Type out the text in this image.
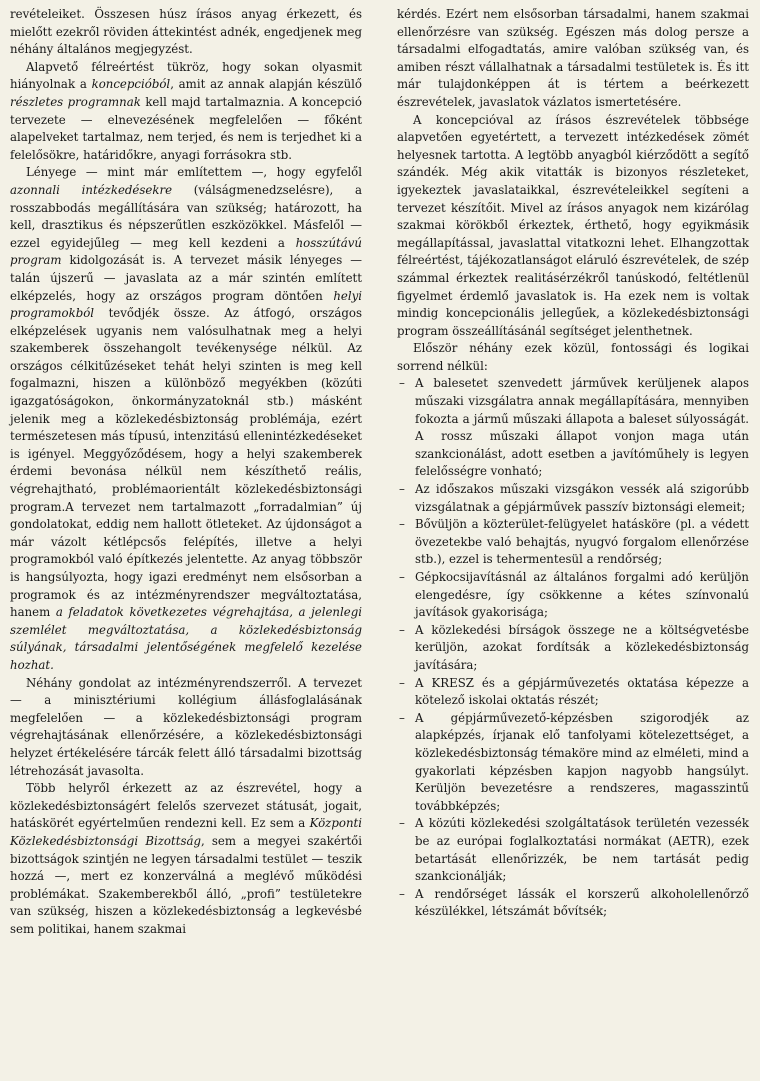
revételeiket. Összesen húsz írásos anyag érkezett, és mielőtt ezekről röviden áttekintést adnék, engedjenek meg néhány általános megjegyzést.

Alapvető félreértést tükröz, hogy sokan olyasmit hiányolnak a koncepcióból, amit az annak alapján készülő részletes programnak kell majd tartalmaznia. A koncepció tervezete — elnevezésének megfelelően — főként alapelveket tartalmaz, nem terjed, és nem is terjedhet ki a felelősökre, határidőkre, anyagi forrásokra stb.

Lényege — mint már említettem —, hogy egyfelől azonnali intézkedésekre (válságmenedzselésre), a rosszabbodás megállítására van szükség; határozott, ha kell, drasztikus és népszerűtlen eszközökkel. Másfelől — ezzel egyidejűleg — meg kell kezdeni a hosszútávú program kidolgozását is. A tervezet másik lényeges — talán újszerű — javaslata az a már szintén említett elképzelés, hogy az országos program döntően helyi programokból tevődjék össze. Az átfogó, országos elképzelések ugyanis nem valósulhatnak meg a helyi szakemberek összehangolt tevékenysége nélkül. Az országos célkitűzéseket tehát helyi szinten is meg kell fogalmazni, hiszen a különböző megyékben (közúti igazgatóságokon, önkormányzatoknál stb.) másként jelenik meg a közlekedésbiztonság problémája, ezért természetesen más típusú, intenzitású ellenintézkedéseket is igényel. Meggyőződésem, hogy a helyi szakemberek érdemi bevonása nélkül nem készíthető reális, végrehajtható, problémaorientált közlekedésbiztonsági program.A tervezet nem tartalmazott „forradalmian” új gondolatokat, eddig nem hallott ötleteket. Az újdonságot a már vázolt kétlépcsős felépítés, illetve a helyi programokból való építkezés jelentette. Az anyag többször is hangsúlyozta, hogy igazi eredményt nem elsősorban a programok és az intézményrendszer megváltoztatása, hanem a feladatok következetes végrehajtása, a jelenlegi szemlélet megváltoztatása, a közlekedésbiztonság súlyának, társadalmi jelentőségének megfelelő kezelése hozhat.

Néhány gondolat az intézményrendszerről. A tervezet — a minisztériumi kollégium állásfoglalásának megfelelően — a közlekedésbiztonsági program végrehajtásának ellenőrzésére, a közlekedésbiztonsági helyzet értékelésére tárcák felett álló társadalmi bizottság létrehozását javasolta.

Több helyről érkezett az az észrevétel, hogy a közlekedésbiztonságért felelős szervezet státusát, jogait, hatáskörét egyértelműen rendezni kell. Ez sem a Központi Közlekedésbiztonsági Bizottság, sem a megyei szakértői bizottságok szintjén ne legyen társadalmi testület — teszik hozzá —, mert ez konzerválná a meglévő működési problémákat. Szakemberekből álló, „profi” testületekre van szükség, hiszen a közlekedésbiztonság a legkevésbé sem politikai, hanem szakmai

kérdés. Ezért nem elsősorban társadalmi, hanem szakmai ellenőrzésre van szükség. Egészen más dolog persze a társadalmi elfogadtatás, amire valóban szükség van, és amiben részt vállalhatnak a társadalmi testületek is. És itt már tulajdonképpen át is tértem a beérkezett észrevételek, javaslatok vázlatos ismertetésére.

A koncepcióval az írásos észrevételek többsége alapvetően egyetértett, a tervezett intézkedések zömét helyesnek tartotta. A legtöbb anyagból kiérződött a segítő szándék. Még akik vitatták is bizonyos részleteket, igyekeztek javaslataikkal, észrevételeikkel segíteni a tervezet készítőit. Mivel az írásos anyagok nem kizárólag szakmai körökből érkeztek, érthető, hogy egyikmásik megállapítással, javaslattal vitatkozni lehet. Elhangzottak félreértést, tájékozatlanságot eláruló észrevételek, de szép számmal érkeztek realitásérzékről tanúskodó, feltétlenül figyelmet érdemlő javaslatok is. Ha ezek nem is voltak mindig koncepcionális jellegűek, a közlekedésbiztonsági program összeállításánál segítséget jelenthetnek.

Először néhány ezek közül, fontossági és logikai sorrend nélkül:

– A balesetet szenvedett járművek kerüljenek alapos műszaki vizsgálatra annak megállapítására, mennyiben fokozta a jármű műszaki állapota a baleset súlyosságát. A rossz műszaki állapot vonjon maga után szankcionálást, adott esetben a javítóműhely is legyen felelősségre vonható;
– Az időszakos műszaki vizsgákon vessék alá szigorúbb vizsgálatnak a gépjárművek passzív biztonsági elemeit;
– Bővüljön a közterület-felügyelet hatásköre (pl. a védett övezetekbe való behajtás, nyugvó forgalom ellenőrzése stb.), ezzel is tehermentesül a rendőrség;
– Gépkocsijavításnál az általános forgalmi adó kerüljön elengedésre, így csökkenne a kétes színvonalú javítások gyakorisága;
– A közlekedési bírságok összege ne a költségvetésbe kerüljön, azokat fordítsák a közlekedésbiztonság javítására;
– A KRESZ és a gépjárművezetés oktatása képezze a kötelező iskolai oktatás részét;
– A gépjárművezető-képzésben szigorodjék az alapképzés, írjanak elő tanfolyami kötelezettséget, a közlekedésbiztonság témaköre mind az elméleti, mind a gyakorlati képzésben kapjon nagyobb hangsúlyt. Kerüljön bevezetésre a rendszeres, magasszintű továbbképzés;
– A közúti közlekedési szolgáltatások területén vezessék be az európai foglalkoztatási normákat (AETR), ezek betartását ellenőrizzék, be nem tartását pedig szankcionálják;
– A rendőrséget lássák el korszerű alkoholellenőrző készülékkel, létszámát bővítsék;
